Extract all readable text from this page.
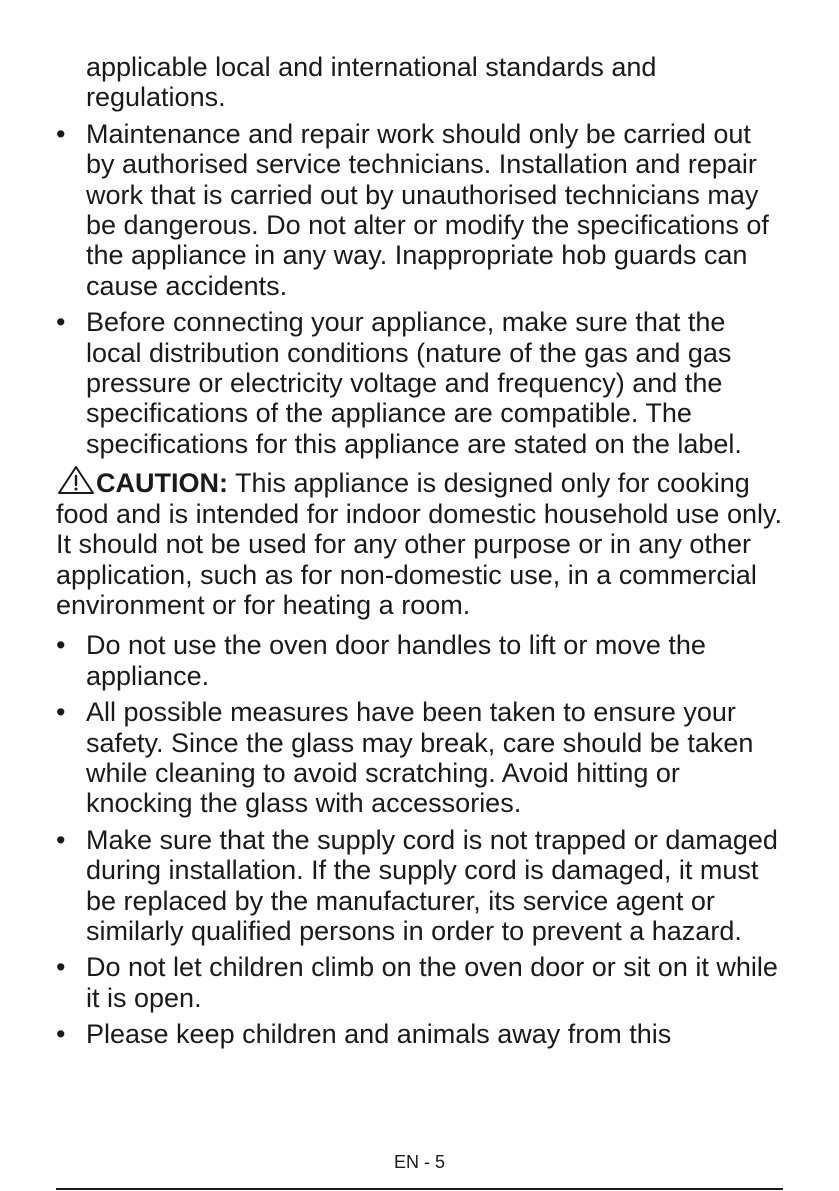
applicable local and international standards and regulations.

• Maintenance and repair work should only be carried out by authorised service technicians. Installation and repair work that is carried out by unauthorised technicians may be dangerous. Do not alter or modify the specifications of the appliance in any way. Inappropriate hob guards can cause accidents.
• Before connecting your appliance, make sure that the local distribution conditions (nature of the gas and gas pressure or electricity voltage and frequency) and the specifications of the appliance are compatible. The specifications for this appliance are stated on the label.

CAUTION: This appliance is designed only for cooking food and is intended for indoor domestic household use only. It should not be used for any other purpose or in any other application, such as for non-domestic use, in a commercial environment or for heating a room.

• Do not use the oven door handles to lift or move the appliance.
• All possible measures have been taken to ensure your safety. Since the glass may break, care should be taken while cleaning to avoid scratching. Avoid hitting or knocking the glass with accessories.
• Make sure that the supply cord is not trapped or damaged during installation. If the supply cord is damaged, it must be replaced by the manufacturer, its service agent or similarly qualified persons in order to prevent a hazard.
• Do not let children climb on the oven door or sit on it while it is open.
• Please keep children and animals away from this
EN - 5
